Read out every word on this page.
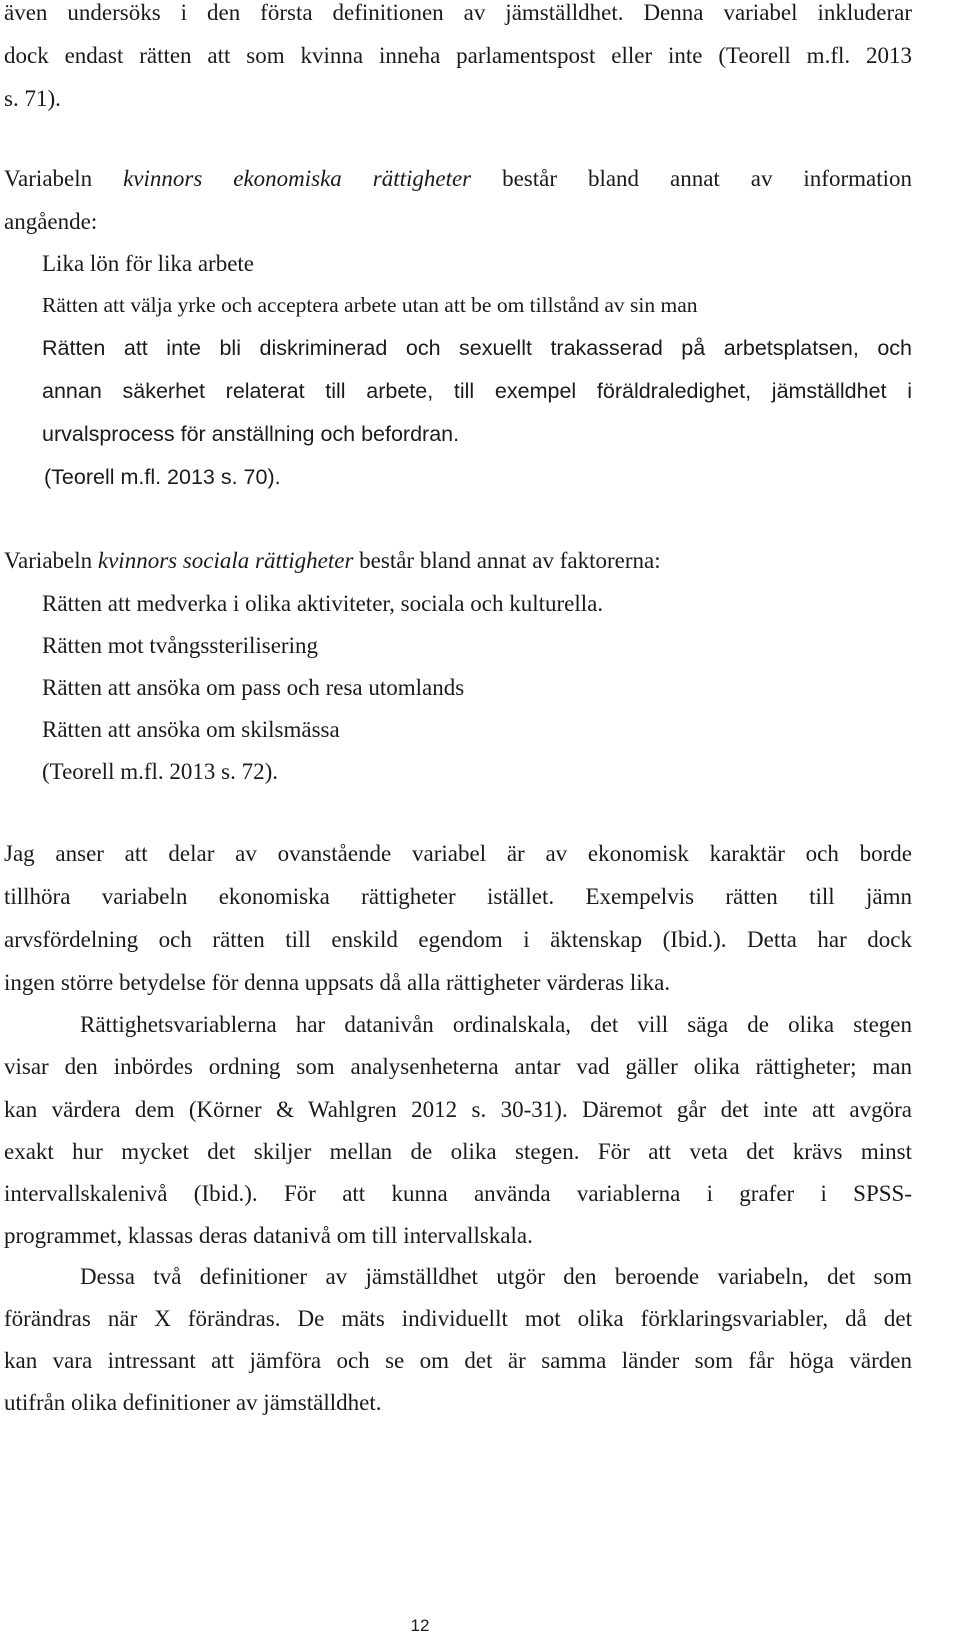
även undersöks i den första definitionen av jämställdhet. Denna variabel inkluderar
dock endast rätten att som kvinna inneha parlamentspost eller inte (Teorell m.fl. 2013
s. 71).
Variabeln kvinnors ekonomiska rättigheter består bland annat av information
angående:
Lika lön för lika arbete
Rätten att välja yrke och acceptera arbete utan att be om tillstånd av sin man
Rätten att inte bli diskriminerad och sexuellt trakasserad på arbetsplatsen, och
annan säkerhet relaterat till arbete, till exempel föräldraledighet, jämställdhet i
urvalsprocess för anställning och befordran.
(Teorell m.fl. 2013 s. 70).
Variabeln kvinnors sociala rättigheter består bland annat av faktorerna:
Rätten att medverka i olika aktiviteter, sociala och kulturella.
Rätten mot tvångssterilisering
Rätten att ansöka om pass och resa utomlands
Rätten att ansöka om skilsmässa
(Teorell m.fl. 2013 s. 72).
Jag anser att delar av ovanstående variabel är av ekonomisk karaktär och borde
tillhöra variabeln ekonomiska rättigheter istället. Exempelvis rätten till jämn
arvsfördelning och rätten till enskild egendom i äktenskap (Ibid.). Detta har dock
ingen större betydelse för denna uppsats då alla rättigheter värderas lika.
Rättighetsvariablerna har datanivån ordinalskala, det vill säga de olika stegen
visar den inbördes ordning som analysenheterna antar vad gäller olika rättigheter; man
kan värdera dem (Körner & Wahlgren 2012 s. 30-31). Däremot går det inte att avgöra
exakt hur mycket det skiljer mellan de olika stegen. För att veta det krävs minst
intervallskalenivå (Ibid.). För att kunna använda variablerna i grafer i SPSS-
programmet, klassas deras datanivå om till intervallskala.
Dessa två definitioner av jämställdhet utgör den beroende variabeln, det som
förändras när X förändras. De mäts individuellt mot olika förklaringsvariabler, då det
kan vara intressant att jämföra och se om det är samma länder som får höga värden
utifrån olika definitioner av jämställdhet.
12
